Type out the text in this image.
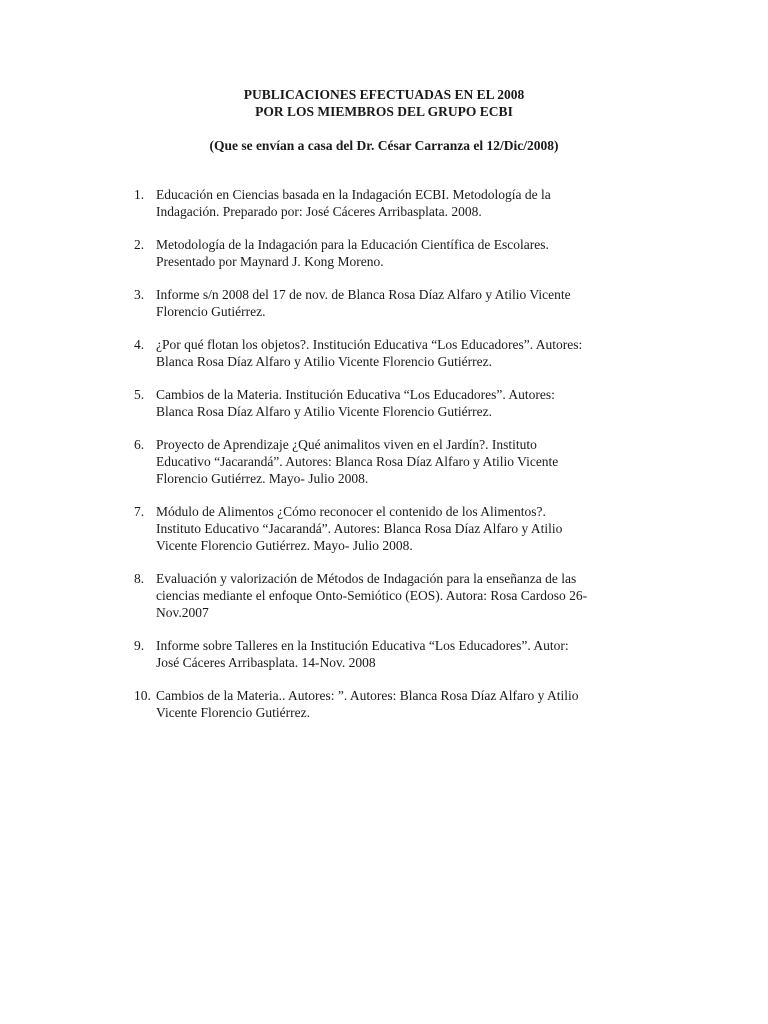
PUBLICACIONES EFECTUADAS EN EL 2008
POR LOS MIEMBROS DEL GRUPO ECBI
(Que se envían a casa del Dr. César Carranza el 12/Dic/2008)
1. Educación en Ciencias basada en la Indagación ECBI. Metodología de la
Indagación. Preparado por: José Cáceres Arribasplata. 2008.
2. Metodología de la Indagación para la Educación Científica de Escolares.
Presentado por Maynard J. Kong Moreno.
3. Informe s/n 2008 del 17 de nov. de Blanca Rosa Díaz Alfaro y Atilio Vicente
Florencio Gutiérrez.
4. ¿Por qué flotan los objetos?. Institución Educativa “Los Educadores”. Autores:
Blanca Rosa Díaz Alfaro y Atilio Vicente Florencio Gutiérrez.
5. Cambios de la Materia. Institución Educativa “Los Educadores”. Autores:
Blanca Rosa Díaz Alfaro y Atilio Vicente Florencio Gutiérrez.
6. Proyecto de Aprendizaje ¿Qué animalitos viven en el Jardín?. Instituto
Educativo “Jacarandá”. Autores: Blanca Rosa Díaz Alfaro y Atilio Vicente
Florencio Gutiérrez. Mayo- Julio 2008.
7. Módulo de Alimentos ¿Cómo reconocer el contenido de los Alimentos?.
Instituto Educativo “Jacarandá”. Autores: Blanca Rosa Díaz Alfaro y Atilio
Vicente Florencio Gutiérrez. Mayo- Julio 2008.
8. Evaluación y valorización de Métodos de Indagación para la enseñanza de las
ciencias mediante el enfoque Onto-Semiótico (EOS). Autora: Rosa Cardoso 26-
Nov.2007
9. Informe sobre Talleres en la Institución Educativa “Los Educadores”. Autor:
José Cáceres Arribasplata. 14-Nov. 2008
10. Cambios de la Materia.. Autores: ”. Autores: Blanca Rosa Díaz Alfaro y Atilio
Vicente Florencio Gutiérrez.
